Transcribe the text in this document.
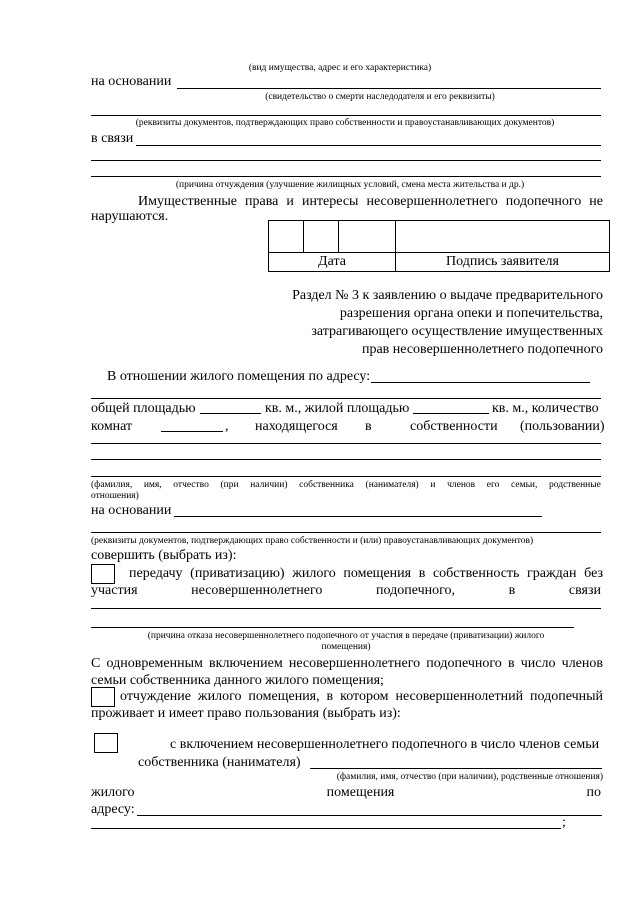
(вид имущества, адрес и его характеристика)
на основании
(свидетельство о смерти наследодателя и его реквизиты)
(реквизиты документов, подтверждающих право собственности и правоустанавливающих документов)
в связи
(причина отчуждения (улучшение жилищных условий, смена места жительства и др.)
Имущественные права и интересы несовершеннолетнего подопечного не
нарушаются.

Дата			Подпись заявителя
Раздел № 3 к заявлению о выдаче предварительного
разрешения органа опеки и попечительства,
затрагивающего осуществление имущественных
прав несовершеннолетнего подопечного
В отношении жилого помещения по адресу:
общей площадью	кв. м., жилой площадью	кв. м., количество
комнат	, находящегося в	собственности (пользовании)
(фамилия, имя, отчество (при наличии) собственника (нанимателя) и членов его семьи, родственные
отношения)
на основании
(реквизиты документов, подтверждающих право собственности и (или) правоустанавливающих документов)
совершить (выбрать из):
передачу (приватизацию) жилого помещения в собственность граждан без
участия	несовершеннолетнего	подопечного,	в	связи
(причина отказа несовершеннолетнего подопечного от участия в передаче (приватизации) жилого
помещения)
С одновременным включением несовершеннолетнего подопечного в число членов
семьи собственника данного жилого помещения;
отчуждение жилого помещения, в котором несовершеннолетний подопечный
проживает и имеет право пользования (выбрать из):
с включением несовершеннолетнего подопечного в число членов семьи
собственника (нанимателя)
(фамилия, имя, отчество (при наличии), родственные отношения)
жилого	помещения	по
адресу:
;
